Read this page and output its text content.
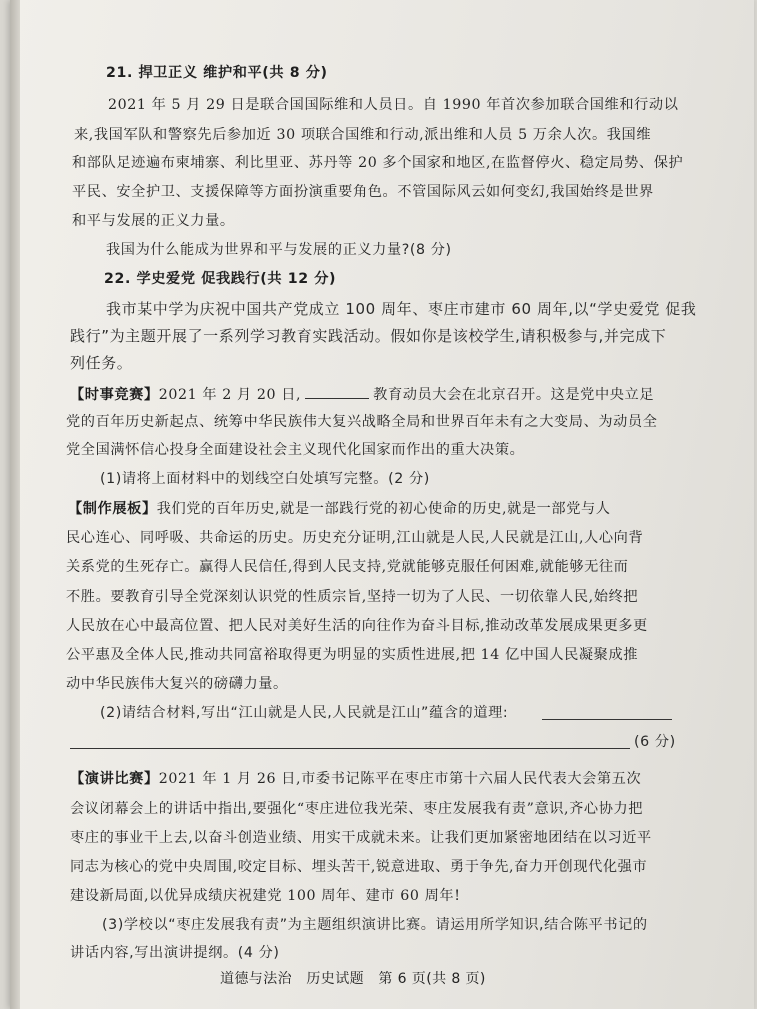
21. 捍卫正义 维护和平(共 8 分)
2021 年 5 月 29 日是联合国国际维和人员日。自 1990 年首次参加联合国维和行动以
来,我国军队和警察先后参加近 30 项联合国维和行动,派出维和人员 5 万余人次。我国维
和部队足迹遍布柬埔寨、利比里亚、苏丹等 20 多个国家和地区,在监督停火、稳定局势、保护
平民、安全护卫、支援保障等方面扮演重要角色。不管国际风云如何变幻,我国始终是世界
和平与发展的正义力量。
我国为什么能成为世界和平与发展的正义力量?(8 分)
22. 学史爱党 促我践行(共 12 分)
我市某中学为庆祝中国共产党成立 100 周年、枣庄市建市 60 周年,以“学史爱党 促我
践行”为主题开展了一系列学习教育实践活动。假如你是该校学生,请积极参与,并完成下
列任务。
【时事竞赛】2021 年 2 月 20 日,	教育动员大会在北京召开。这是党中央立足
党的百年历史新起点、统筹中华民族伟大复兴战略全局和世界百年未有之大变局、为动员全
党全国满怀信心投身全面建设社会主义现代化国家而作出的重大决策。
(1)请将上面材料中的划线空白处填写完整。(2 分)
【制作展板】我们党的百年历史,就是一部践行党的初心使命的历史,就是一部党与人
民心连心、同呼吸、共命运的历史。历史充分证明,江山就是人民,人民就是江山,人心向背
关系党的生死存亡。赢得人民信任,得到人民支持,党就能够克服任何困难,就能够无往而
不胜。要教育引导全党深刻认识党的性质宗旨,坚持一切为了人民、一切依靠人民,始终把
人民放在心中最高位置、把人民对美好生活的向往作为奋斗目标,推动改革发展成果更多更
公平惠及全体人民,推动共同富裕取得更为明显的实质性进展,把 14 亿中国人民凝聚成推
动中华民族伟大复兴的磅礴力量。
(2)请结合材料,写出“江山就是人民,人民就是江山”蕴含的道理:
(6 分)
【演讲比赛】2021 年 1 月 26 日,市委书记陈平在枣庄市第十六届人民代表大会第五次
会议闭幕会上的讲话中指出,要强化“枣庄进位我光荣、枣庄发展我有责”意识,齐心协力把
枣庄的事业干上去,以奋斗创造业绩、用实干成就未来。让我们更加紧密地团结在以习近平
同志为核心的党中央周围,咬定目标、埋头苦干,锐意进取、勇于争先,奋力开创现代化强市
建设新局面,以优异成绩庆祝建党 100 周年、建市 60 周年!
(3)学校以“枣庄发展我有责”为主题组织演讲比赛。请运用所学知识,结合陈平书记的
讲话内容,写出演讲提纲。(4 分)
道德与法治　历史试题　第 6 页(共 8 页)
